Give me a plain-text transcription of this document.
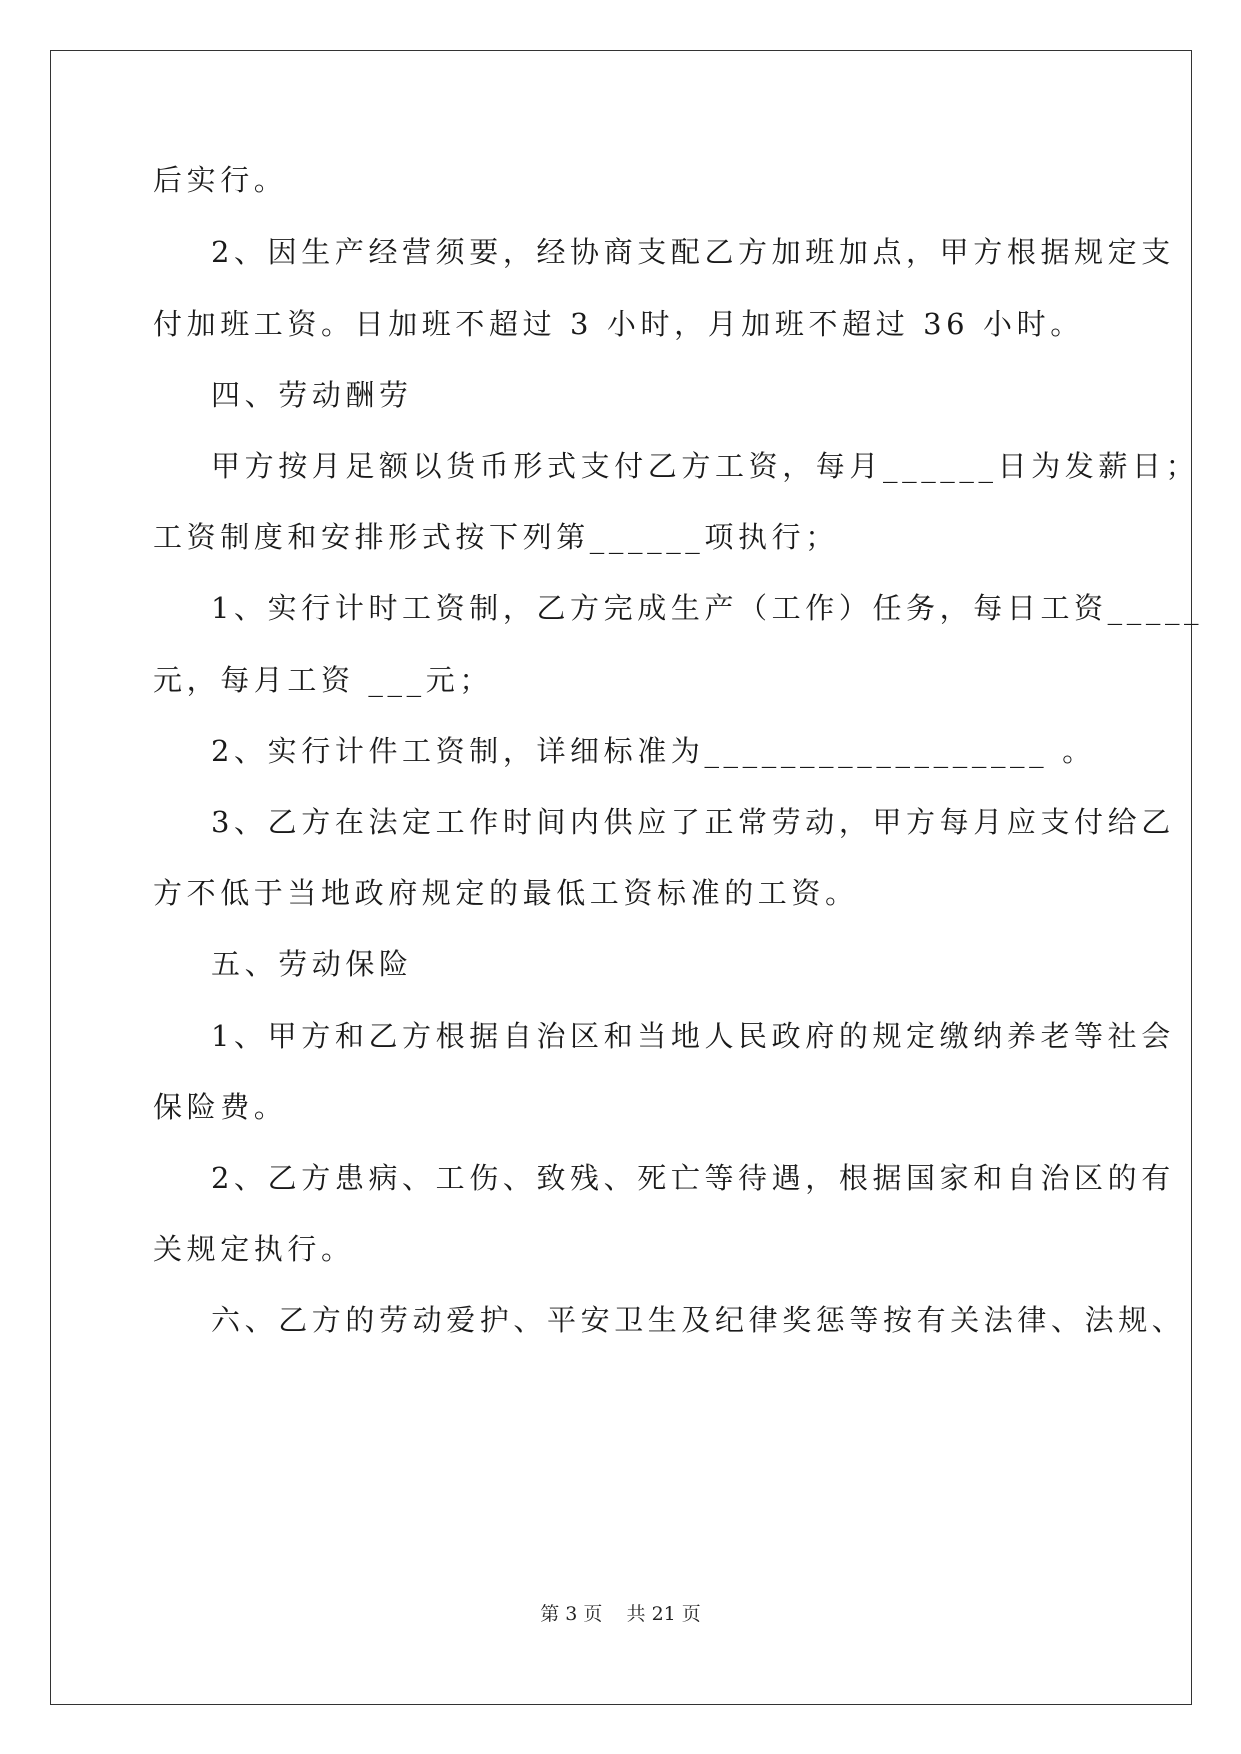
后实行。
2、因生产经营须要，经协商支配乙方加班加点，甲方根据规定支
付加班工资。日加班不超过 3 小时，月加班不超过 36 小时。
四、劳动酬劳
甲方按月足额以货币形式支付乙方工资，每月______日为发薪日；
工资制度和安排形式按下列第______项执行；
1、实行计时工资制，乙方完成生产（工作）任务，每日工资_____
元，每月工资 ___元；
2、实行计件工资制，详细标准为__________________ 。
3、乙方在法定工作时间内供应了正常劳动，甲方每月应支付给乙
方不低于当地政府规定的最低工资标准的工资。
五、劳动保险
1、甲方和乙方根据自治区和当地人民政府的规定缴纳养老等社会
保险费。
2、乙方患病、工伤、致残、死亡等待遇，根据国家和自治区的有
关规定执行。
六、乙方的劳动爱护、平安卫生及纪律奖惩等按有关法律、法规、
第 3 页    共 21 页
